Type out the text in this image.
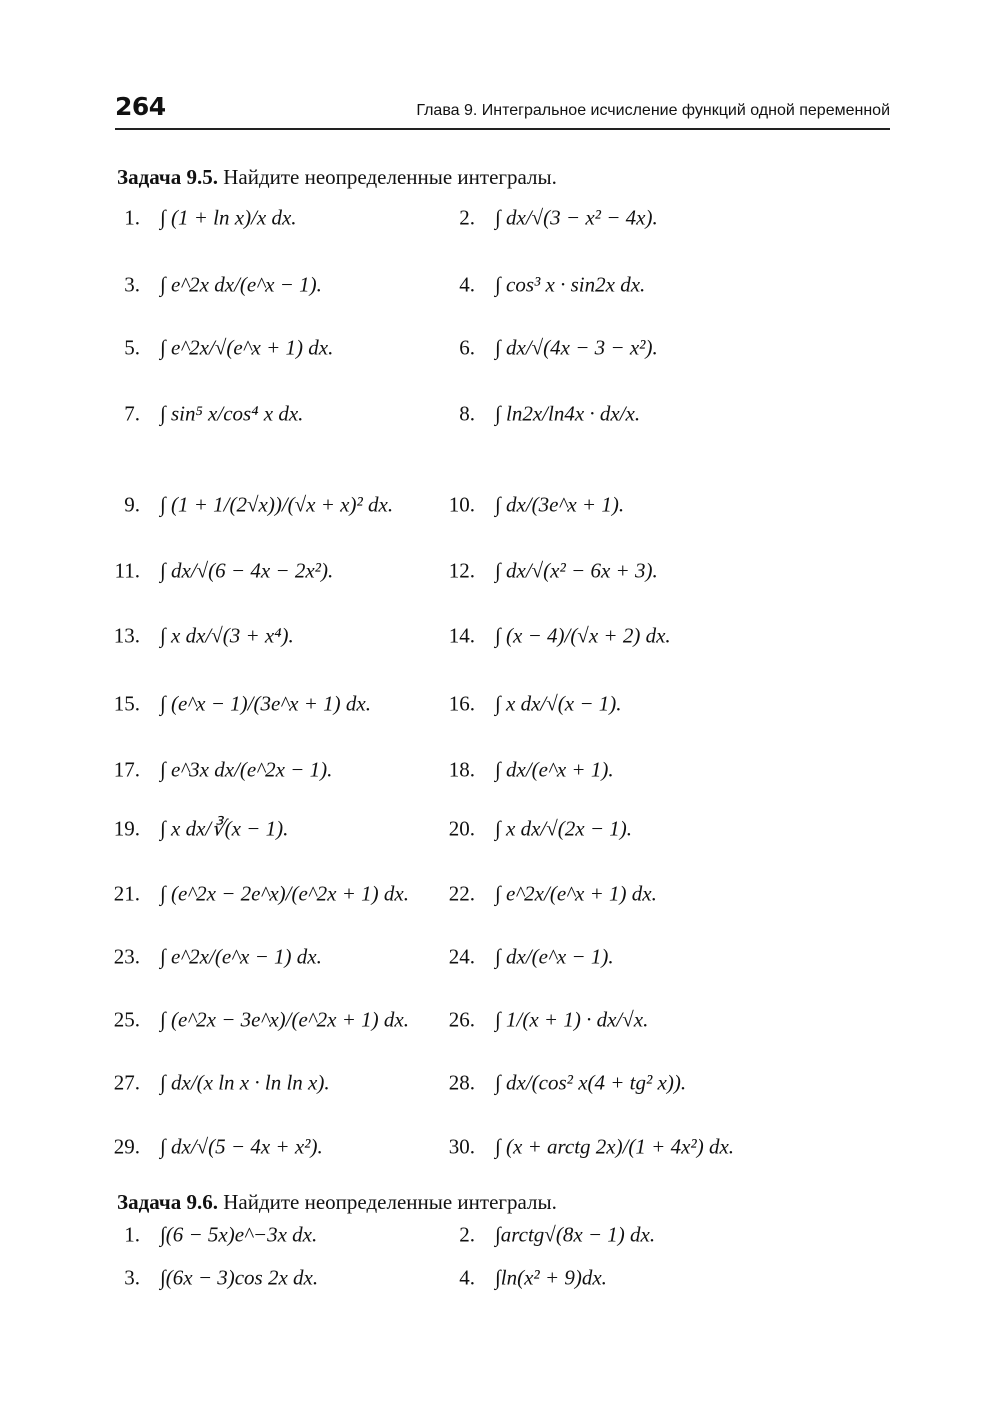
264	Глава 9. Интегральное исчисление функций одной переменной
Задача 9.5. Найдите неопределенные интегралы.
1. ∫ (1 + ln x)/x dx.	2. ∫ dx/√(3 − x² − 4x).
3. ∫ e^2x dx/(e^x − 1).	4. ∫ cos³ x · sin2x dx.
5. ∫ e^2x/√(e^x + 1) dx.	6. ∫ dx/√(4x − 3 − x²).
7. ∫ sin⁵ x/cos⁴ x dx.	8. ∫ ln2x/ln4x · dx/x.
9. ∫ (1 + 1/(2√x))/(√x + x)² dx.	10. ∫ dx/(3e^x + 1).
11. ∫ dx/√(6 − 4x − 2x²).	12. ∫ dx/√(x² − 6x + 3).
13. ∫ x dx/√(3 + x⁴).	14. ∫ (x − 4)/(√x + 2) dx.
15. ∫ (e^x − 1)/(3e^x + 1) dx.	16. ∫ x dx/√(x − 1).
17. ∫ e^3x dx/(e^2x − 1).	18. ∫ dx/(e^x + 1).
19. ∫ x dx/∛(x − 1).	20. ∫ x dx/√(2x − 1).
21. ∫ (e^2x − 2e^x)/(e^2x + 1) dx. 22. ∫ e^2x/(e^x + 1) dx.
23. ∫ e^2x/(e^x − 1) dx.	24. ∫ dx/(e^x − 1).
25. ∫ (e^2x − 3e^x)/(e^2x + 1) dx. 26. ∫ 1/(x + 1) · dx/√x.
27. ∫ dx/(x ln x · ln ln x).	28. ∫ dx/(cos² x(4 + tg² x)).
29. ∫ dx/√(5 − 4x + x²).	30. ∫ (x + arctg 2x)/(1 + 4x²) dx.
Задача 9.6. Найдите неопределенные интегралы.
1. ∫(6 − 5x)e^−3x dx.	2. ∫arctg√(8x − 1) dx.
3. ∫(6x − 3)cos 2x dx.	4. ∫ln(x² + 9)dx.
